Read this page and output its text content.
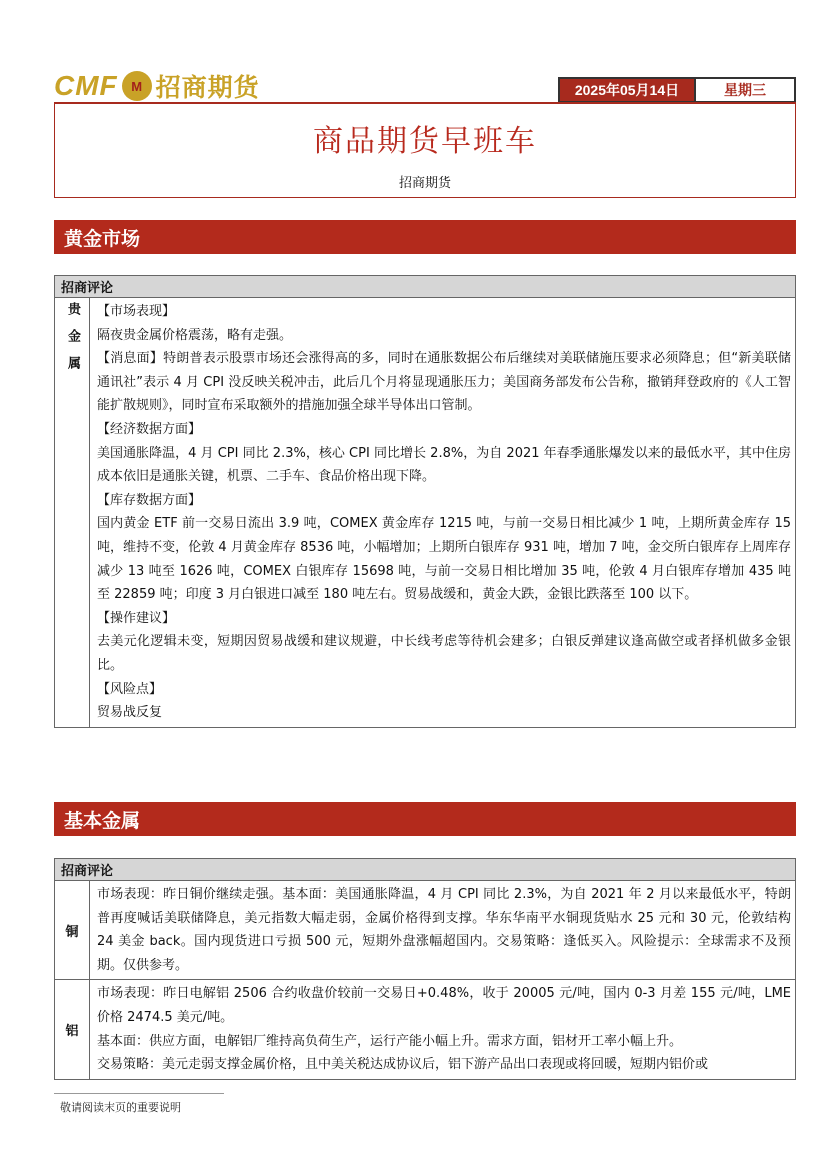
CMF	M 招商期货	2025年05月14日	星期三
商品期货早班车
招商期货
黄金市场
招商评论
贵金属 【市场表现】

隔夜贵金属价格震荡，略有走强。

【消息面】特朗普表示股票市场还会涨得高的多，同时在通胀数据公布后继续对美联储施压要求必须降息；但“新美联储通讯社”表示 4 月 CPI 没反映关税冲击，此后几个月将显现通胀压力；美国商务部发布公告称，撤销拜登政府的《人工智能扩散规则》，同时宣布采取额外的措施加强全球半导体出口管制。

【经济数据方面】

美国通胀降温，4 月 CPI 同比 2.3%，核心 CPI 同比增长 2.8%，为自 2021 年春季通胀爆发以来的最低水平，其中住房成本依旧是通胀关键，机票、二手车、食品价格出现下降。

【库存数据方面】

国内黄金 ETF 前一交易日流出 3.9 吨，COMEX 黄金库存 1215 吨，与前一交易日相比减少 1 吨，上期所黄金库存 15 吨，维持不变，伦敦 4 月黄金库存 8536 吨，小幅增加；上期所白银库存 931 吨，增加 7 吨，金交所白银库存上周库存减少 13 吨至 1626 吨，COMEX 白银库存 15698 吨，与前一交易日相比增加 35 吨，伦敦 4 月白银库存增加 435 吨至 22859 吨；印度 3 月白银进口减至 180 吨左右。贸易战缓和，黄金大跌，金银比跌落至 100 以下。

【操作建议】

去美元化逻辑未变，短期因贸易战缓和建议规避，中长线考虑等待机会建多；白银反弹建议逢高做空或者择机做多金银比。

【风险点】

贸易战反复

基本金属
招商评论
铜

市场表现：昨日铜价继续走强。基本面：美国通胀降温，4 月 CPI 同比 2.3%，为自 2021 年 2 月以来最低水平，特朗普再度喊话美联储降息，美元指数大幅走弱，金属价格得到支撑。华东华南平水铜现货贴水 25 元和 30 元，伦敦结构 24 美金 back。国内现货进口亏损 500 元，短期外盘涨幅超国内。交易策略：逢低买入。风险提示：全球需求不及预期。仅供参考。

铝

市场表现：昨日电解铝 2506 合约收盘价较前一交易日+0.48%，收于 20005 元/吨，国内 0-3 月差 155 元/吨，LME 价格 2474.5 美元/吨。

基本面：供应方面，电解铝厂维持高负荷生产，运行产能小幅上升。需求方面，铝材开工率小幅上升。

交易策略：美元走弱支撑金属价格，且中美关税达成协议后，铝下游产品出口表现或将回暖，短期内铝价或

敬请阅读末页的重要说明
